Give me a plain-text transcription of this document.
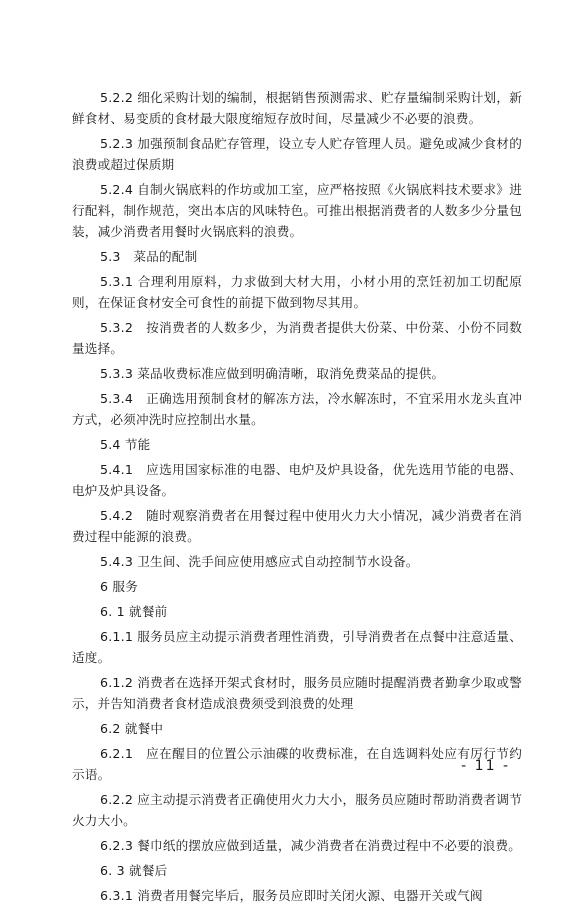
5.2.2 细化采购计划的编制，根据销售预测需求、贮存量编制采购计划，新鲜食材、易变质的食材最大限度缩短存放时间，尽量减少不必要的浪费。

5.2.3 加强预制食品贮存管理，设立专人贮存管理人员。避免或减少食材的浪费或超过保质期

5.2.4 自制火锅底料的作坊或加工室，应严格按照《火锅底料技术要求》进行配料，制作规范，突出本店的风味特色。可推出根据消费者的人数多少分量包装，减少消费者用餐时火锅底料的浪费。

5.3　菜品的配制

5.3.1 合理利用原料，力求做到大材大用，小材小用的烹饪初加工切配原则，在保证食材安全可食性的前提下做到物尽其用。

5.3.2　按消费者的人数多少，为消费者提供大份菜、中份菜、小份不同数量选择。

5.3.3 菜品收费标准应做到明确清晰，取消免费菜品的提供。

5.3.4　正确选用预制食材的解冻方法，冷水解冻时，不宜采用水龙头直冲方式，必须冲洗时应控制出水量。

5.4 节能

5.4.1　应选用国家标准的电器、电炉及炉具设备，优先选用节能的电器、电炉及炉具设备。

5.4.2　随时观察消费者在用餐过程中使用火力大小情况，减少消费者在消费过程中能源的浪费。

5.4.3 卫生间、洗手间应使用感应式自动控制节水设备。

6 服务

6. 1 就餐前

6.1.1 服务员应主动提示消费者理性消费，引导消费者在点餐中注意适量、适度。

6.1.2 消费者在选择开架式食材时，服务员应随时提醒消费者勤拿少取或警示，并告知消费者食材造成浪费须受到浪费的处理

6.2 就餐中

6.2.1　应在醒目的位置公示油碟的收费标准，在自选调料处应有厉行节约示语。

6.2.2 应主动提示消费者正确使用火力大小，服务员应随时帮助消费者调节火力大小。

6.2.3 餐巾纸的摆放应做到适量，减少消费者在消费过程中不必要的浪费。

6. 3 就餐后

6.3.1 消费者用餐完毕后，服务员应即时关闭火源、电器开关或气阀

- 11 -
